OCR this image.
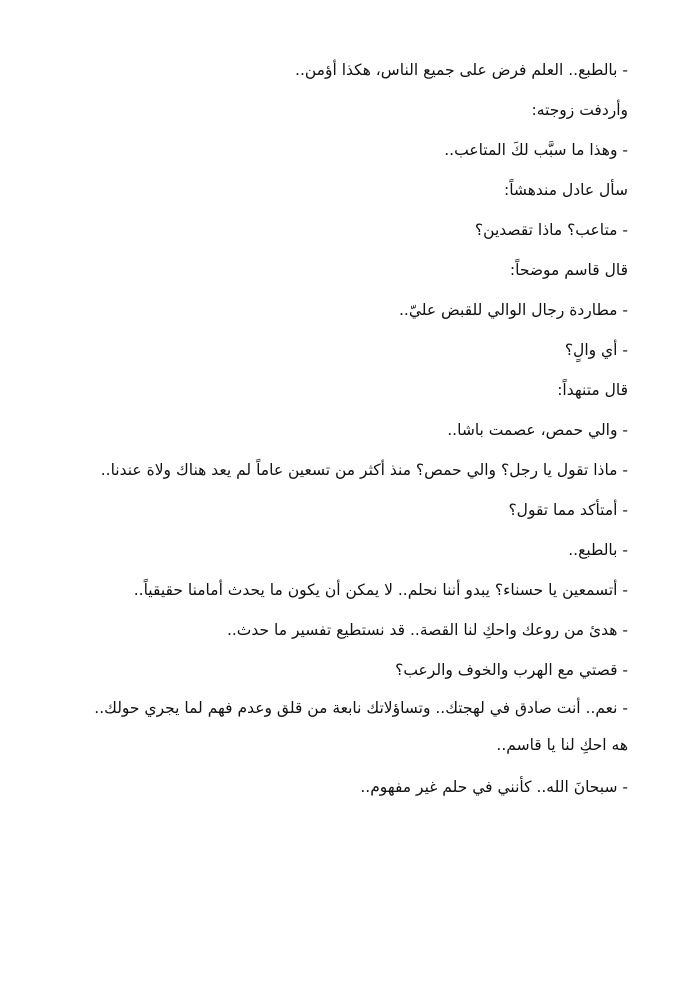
- بالطبع.. العلم فرض على جميع الناس، هكذا أؤمن..

وأردفت زوجته:

- وهذا ما سبَّب لكَ المتاعب..

سأل عادل مندهشاً:

- متاعب؟ ماذا تقصدين؟

قال قاسم موضحاً:

- مطاردة رجال الوالي للقبض عليّ..

- أي والٍ؟

قال متنهداً:

- والي حمص، عصمت باشا..

- ماذا تقول يا رجل؟ والي حمص؟ منذ أكثر من تسعين عاماً لم يعد هناك ولاة عندنا..

- أمتأكد مما تقول؟

- بالطبع..

- أتسمعين يا حسناء؟ يبدو أننا نحلم.. لا يمكن أن يكون ما يحدث أمامنا حقيقياً..

- هدئ من روعك واحكِ لنا القصة.. قد نستطيع تفسير ما حدث..

- قصتي مع الهرب والخوف والرعب؟

- نعم.. أنت صادق في لهجتك.. وتساؤلاتك نابعة من قلق وعدم فهم لما يجري حولك.. هه احكِ لنا يا قاسم..

- سبحانَ الله.. كأنني في حلم غير مفهوم..
